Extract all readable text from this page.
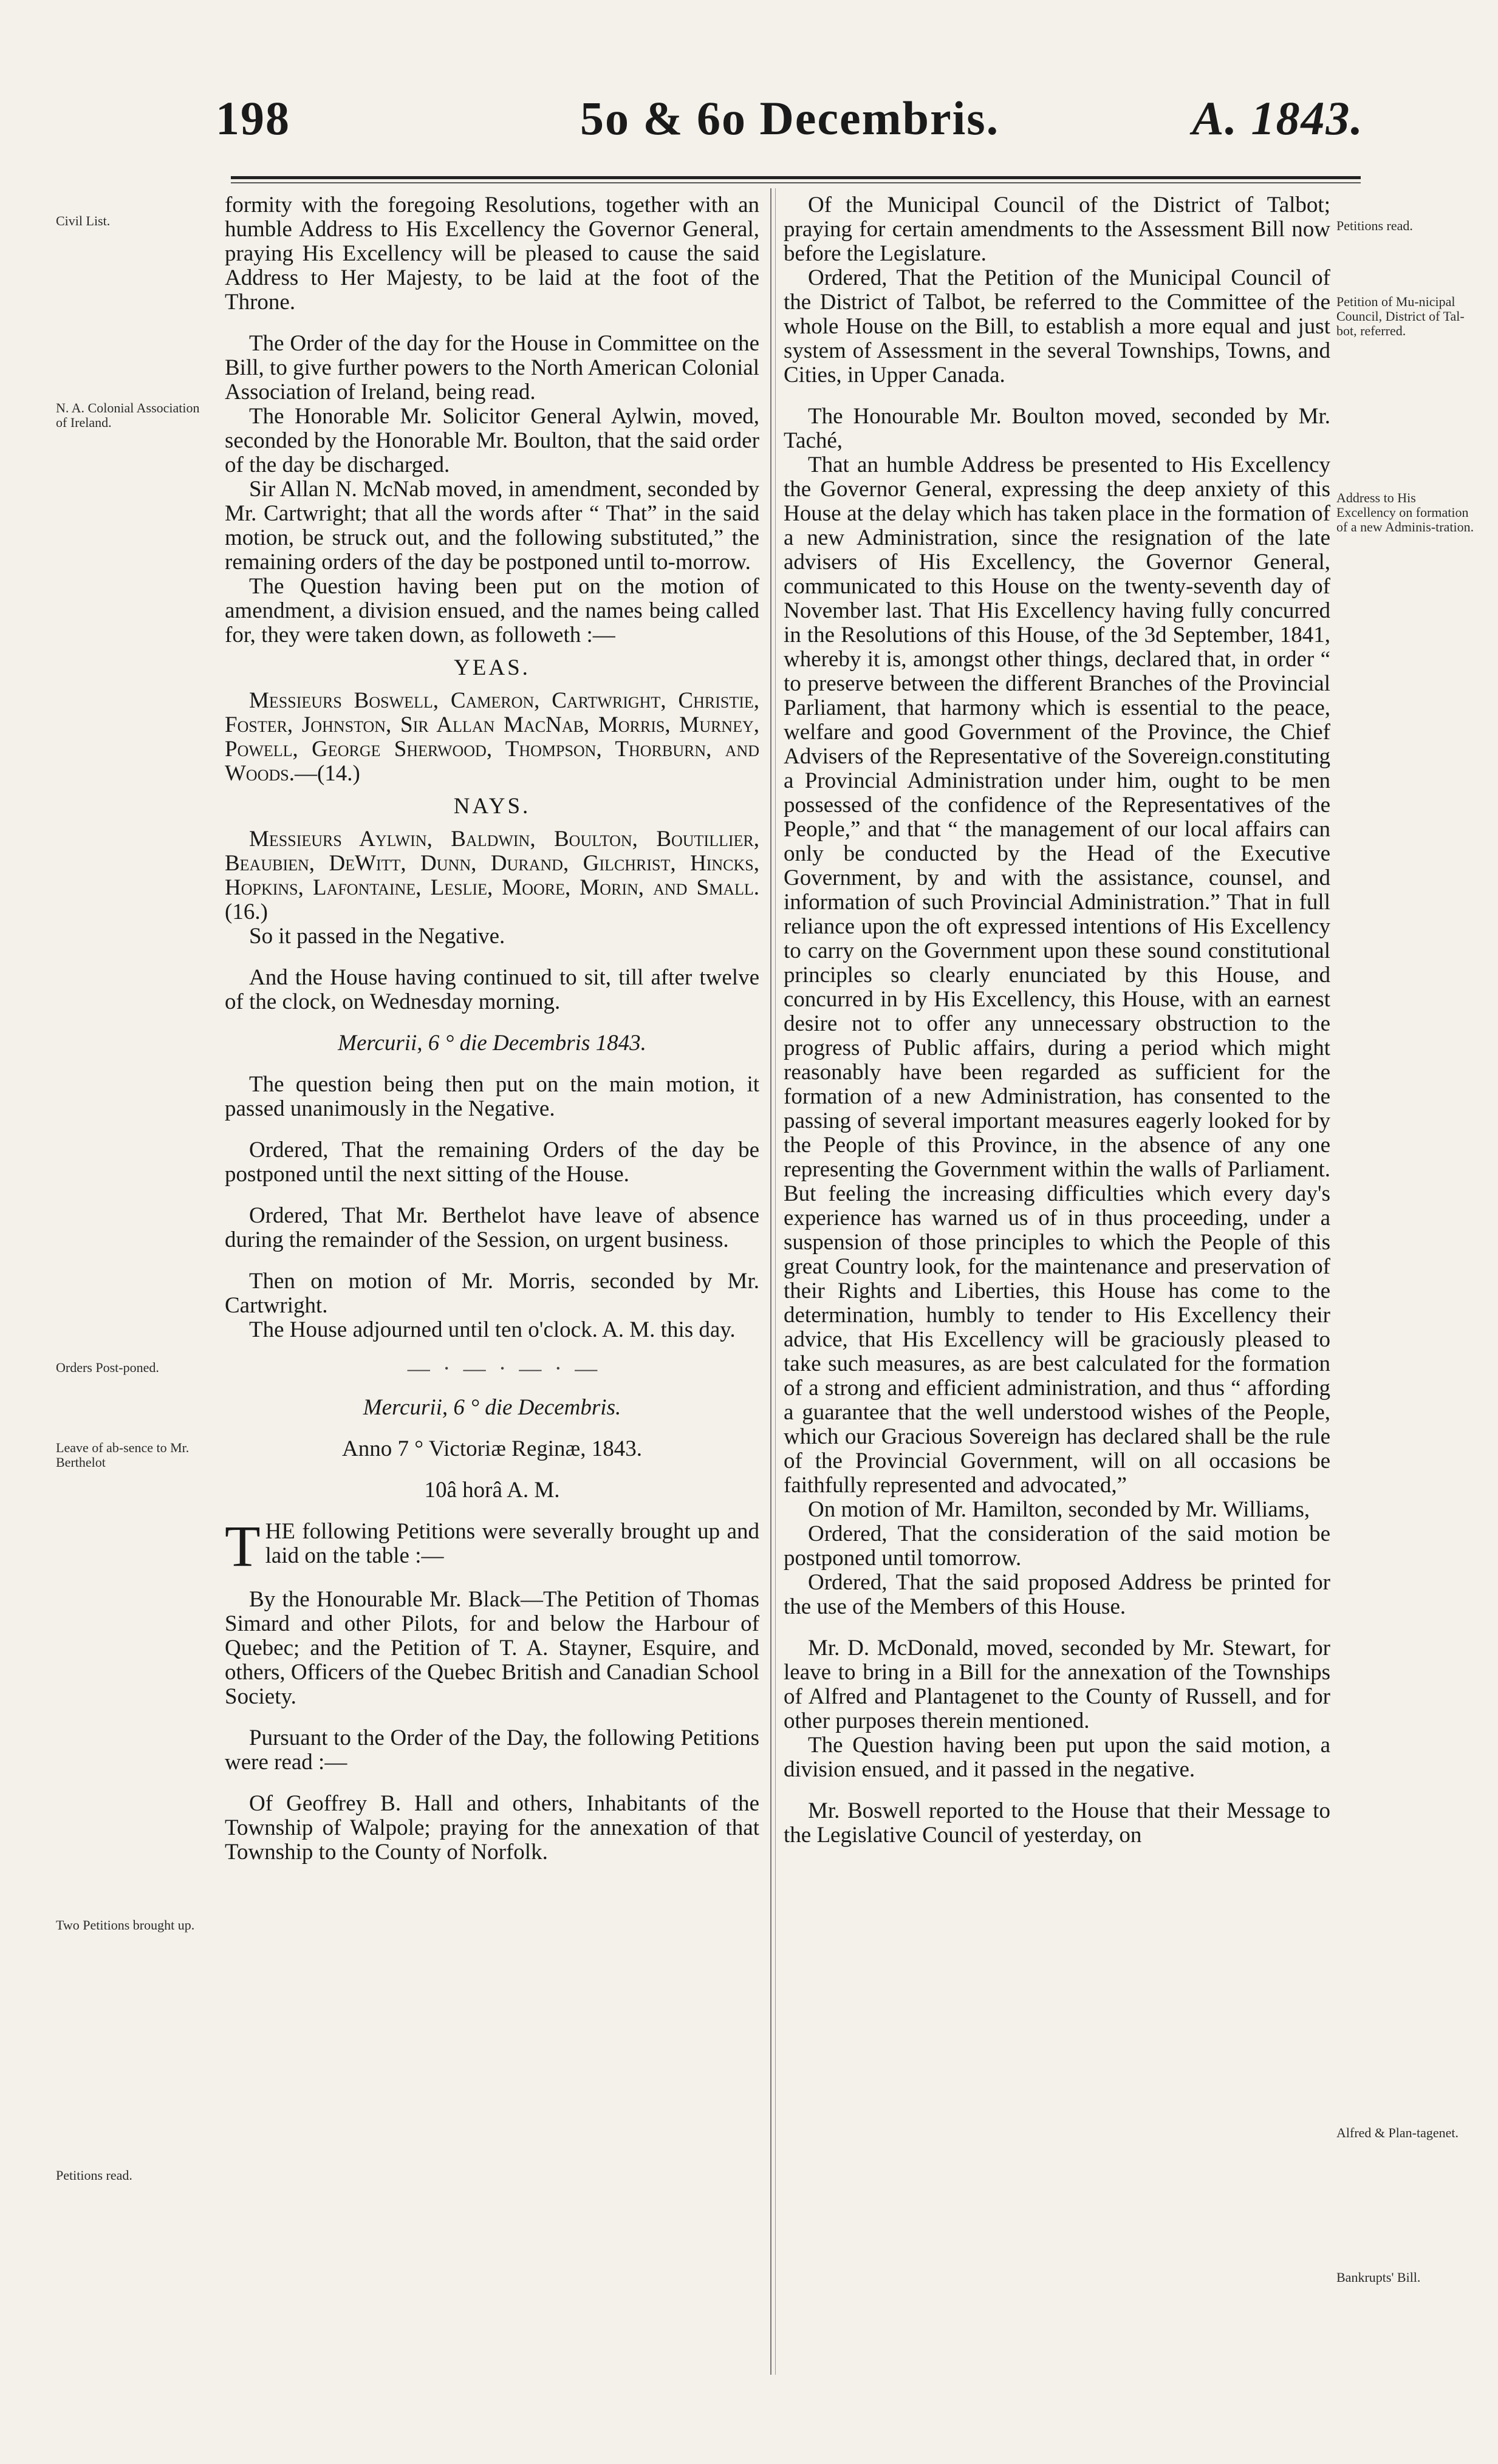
198	5o & 6o Decembris.	A. 1843.
Civil List.
N. A. Colonial Association of Ireland.
Orders Post-poned.
Leave of ab-sence to Mr. Berthelot
Two Petitions brought up.
Petitions read.
Petitions read.
Petition of Mu-nicipal Council, District of Tal-bot, referred.
Address to His Excellency on formation of a new Adminis-tration.
Alfred & Plan-tagenet.
Bankrupts' Bill.

formity with the foregoing Resolutions, together with an humble Address to His Excellency the Governor General, praying His Excellency will be pleased to cause the said Address to Her Majesty, to be laid at the foot of the Throne.

The Order of the day for the House in Committee on the Bill, to give further powers to the North American Colonial Association of Ireland, being read.

The Honorable Mr. Solicitor General Aylwin, moved, seconded by the Honorable Mr. Boulton, that the said order of the day be discharged.

Sir Allan N. McNab moved, in amendment, seconded by Mr. Cartwright; that all the words after “ That” in the said motion, be struck out, and the following substituted,” the remaining orders of the day be postponed until to-morrow.

The Question having been put on the motion of amendment, a division ensued, and the names being called for, they were taken down, as followeth :—

YEAS.

Messieurs Boswell, Cameron, Cartwright, Christie, Foster, Johnston, Sir Allan MacNab, Morris, Murney, Powell, George Sherwood, Thompson, Thorburn, and Woods.—(14.)

NAYS.

Messieurs Aylwin, Baldwin, Boulton, Boutillier, Beaubien, DeWitt, Dunn, Durand, Gilchrist, Hincks, Hopkins, Lafontaine, Leslie, Moore, Morin, and Small. (16.)

So it passed in the Negative.

And the House having continued to sit, till after twelve of the clock, on Wednesday morning.

Mercurii, 6 ° die Decembris 1843.

The question being then put on the main motion, it passed unanimously in the Negative.

Ordered, That the remaining Orders of the day be postponed until the next sitting of the House.

Ordered, That Mr. Berthelot have leave of absence during the remainder of the Session, on urgent business.

Then on motion of Mr. Morris, seconded by Mr. Cartwright.

The House adjourned until ten o'clock. A. M. this day.

— · — · — · —

Mercurii, 6 ° die Decembris.

Anno 7 ° Victoriæ Reginæ, 1843.

10â horâ A. M.

THE following Petitions were severally brought up and laid on the table :—

By the Honourable Mr. Black—The Petition of Thomas Simard and other Pilots, for and below the Harbour of Quebec; and the Petition of T. A. Stayner, Esquire, and others, Officers of the Quebec British and Canadian School Society.

Pursuant to the Order of the Day, the following Petitions were read :—

Of Geoffrey B. Hall and others, Inhabitants of the Township of Walpole; praying for the annexation of that Township to the County of Norfolk.

Of the Municipal Council of the District of Talbot; praying for certain amendments to the Assessment Bill now before the Legislature.

Ordered, That the Petition of the Municipal Council of the District of Talbot, be referred to the Committee of the whole House on the Bill, to establish a more equal and just system of Assessment in the several Townships, Towns, and Cities, in Upper Canada.

The Honourable Mr. Boulton moved, seconded by Mr. Taché,

That an humble Address be presented to His Excellency the Governor General, expressing the deep anxiety of this House at the delay which has taken place in the formation of a new Administration, since the resignation of the late advisers of His Excellency, the Governor General, communicated to this House on the twenty-seventh day of November last. That His Excellency having fully concurred in the Resolutions of this House, of the 3d September, 1841, whereby it is, amongst other things, declared that, in order “ to preserve between the different Branches of the Provincial Parliament, that harmony which is essential to the peace, welfare and good Government of the Province, the Chief Advisers of the Representative of the Sovereign.constituting a Provincial Administration under him, ought to be men possessed of the confidence of the Representatives of the People,” and that “ the management of our local affairs can only be conducted by the Head of the Executive Government, by and with the assistance, counsel, and information of such Provincial Administration.” That in full reliance upon the oft expressed intentions of His Excellency to carry on the Government upon these sound constitutional principles so clearly enunciated by this House, and concurred in by His Excellency, this House, with an earnest desire not to offer any unnecessary obstruction to the progress of Public affairs, during a period which might reasonably have been regarded as sufficient for the formation of a new Administration, has consented to the passing of several important measures eagerly looked for by the People of this Province, in the absence of any one representing the Government within the walls of Parliament. But feeling the increasing difficulties which every day's experience has warned us of in thus proceeding, under a suspension of those principles to which the People of this great Country look, for the maintenance and preservation of their Rights and Liberties, this House has come to the determination, humbly to tender to His Excellency their advice, that His Excellency will be graciously pleased to take such measures, as are best calculated for the formation of a strong and efficient administration, and thus “ affording a guarantee that the well understood wishes of the People, which our Gracious Sovereign has declared shall be the rule of the Provincial Government, will on all occasions be faithfully represented and advocated,”

On motion of Mr. Hamilton, seconded by Mr. Williams,

Ordered, That the consideration of the said motion be postponed until tomorrow.

Ordered, That the said proposed Address be printed for the use of the Members of this House.

Mr. D. McDonald, moved, seconded by Mr. Stewart, for leave to bring in a Bill for the annexation of the Townships of Alfred and Plantagenet to the County of Russell, and for other purposes therein mentioned.

The Question having been put upon the said motion, a division ensued, and it passed in the negative.

Mr. Boswell reported to the House that their Message to the Legislative Council of yesterday, on
